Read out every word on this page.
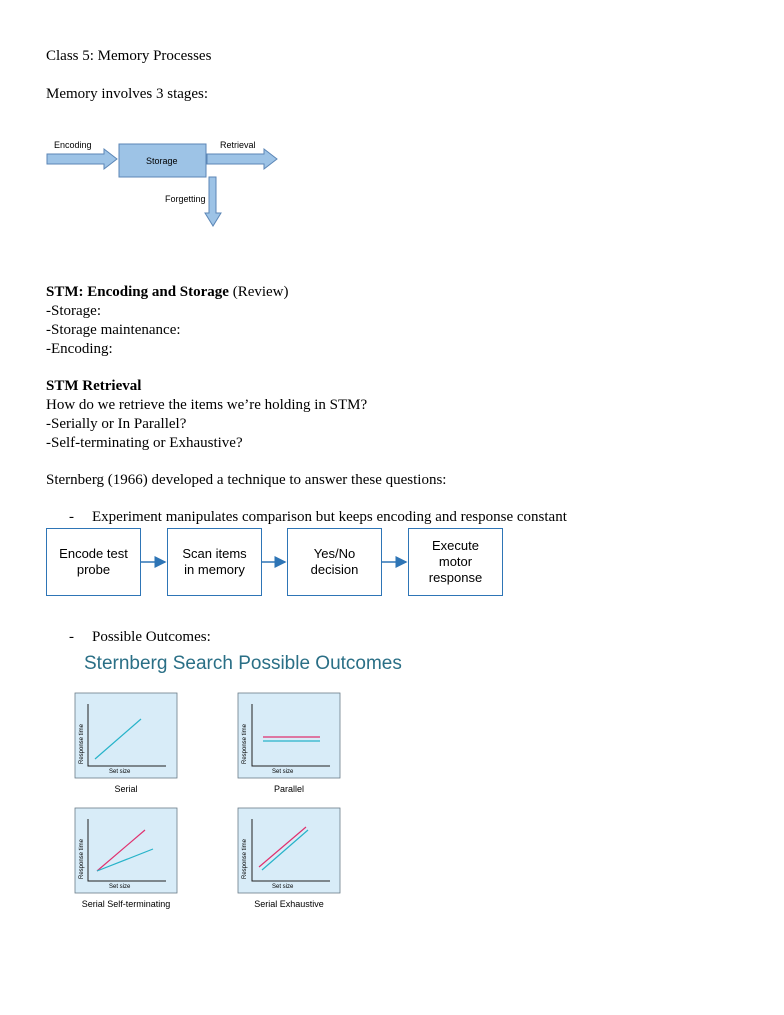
Class 5: Memory Processes
Memory involves 3 stages:
Encoding
Storage
Retrieval
Forgetting
STM: Encoding and Storage (Review)
-Storage:
-Storage maintenance:
-Encoding:
STM Retrieval
How do we retrieve the items we’re holding in STM?
-Serially or In Parallel?
-Self-terminating or Exhaustive?
Sternberg (1966) developed a technique to answer these questions:
- Experiment manipulates comparison but keeps encoding and response constant
Encode test
probe
Scan items
in memory
Yes/No
decision
Execute
motor
response
- Possible Outcomes:
Sternberg Search Possible Outcomes
Response time
Set size
Response time
Set size
Response time
Set size
Response time
Set size
Serial	Parallel
Serial Self-terminating	Serial Exhaustive
